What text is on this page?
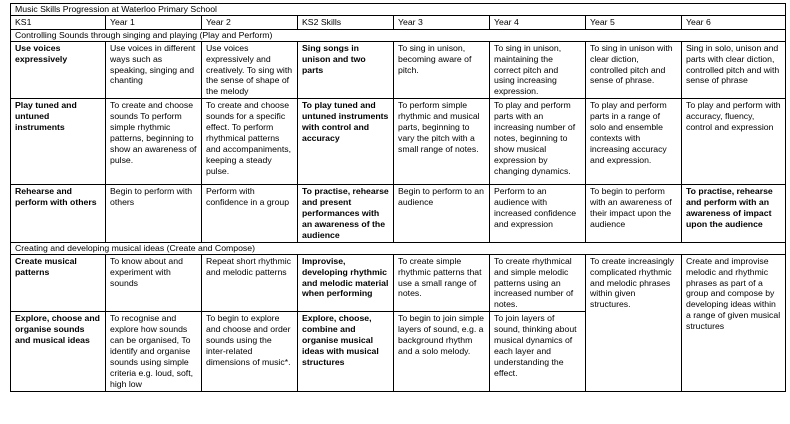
Music Skills Progression at Waterloo Primary School							
KS1	Year 1	Year 2	KS2 Skills	Year 3	Year 4	Year 5	Year 6
Controlling Sounds through singing and playing (Play and Perform)							
Use voices expressively	Use voices in different ways such as speaking, singing and chanting	Use voices expressively and creatively. To sing with the sense of shape of the melody	Sing songs in unison and two parts	To sing in unison, becoming aware of pitch.	To sing in unison, maintaining the correct pitch and using increasing expression.	To sing in unison with clear diction, controlled pitch and sense of phrase.	Sing in solo, unison and parts with clear diction, controlled pitch and with sense of phrase
Play tuned and untuned instruments	To create and choose sounds To perform simple rhythmic patterns, beginning to show an awareness of pulse.	To create and choose sounds for a specific effect. To perform rhythmical patterns and accompaniments, keeping a steady pulse.	To play tuned and untuned instruments with control and accuracy	To perform simple rhythmic and musical parts, beginning to vary the pitch with a small range of notes.	To play and perform parts with an increasing number of notes, beginning to show musical expression by changing dynamics.	To play and perform parts in a range of solo and ensemble contexts with increasing accuracy and expression.	To play and perform with accuracy, fluency, control and expression
Rehearse and perform with others	Begin to perform with others	Perform with confidence in a group	To practise, rehearse and present performances with an awareness of the audience	Begin to perform to an audience	Perform to an audience with increased confidence and expression	To begin to perform with an awareness of their impact upon the audience	To practise, rehearse and perform with an awareness of impact upon the audience
Creating and developing musical ideas (Create and Compose)							
Create musical patterns	To know about and experiment with sounds	Repeat short rhythmic and melodic patterns	Improvise, developing rhythmic and melodic material when performing	To create simple rhythmic patterns that use a small range of notes.	To create rhythmical and simple melodic patterns using an increased number of notes.	To create increasingly complicated rhythmic and melodic phrases within given structures.	Create and improvise melodic and rhythmic phrases as part of a group and compose by developing ideas within a range of given musical structures
Explore, choose and organise sounds and musical ideas	To recognise and explore how sounds can be organised, To identify and organise sounds using simple criteria e.g. loud, soft, high low	To begin to explore and choose and order sounds using the inter-related dimensions of music*.	Explore, choose, combine and organise musical ideas with musical structures	To begin to join simple layers of sound, e.g. a background rhythm and a solo melody.	To join layers of sound, thinking about musical dynamics of each layer and understanding the effect.		
